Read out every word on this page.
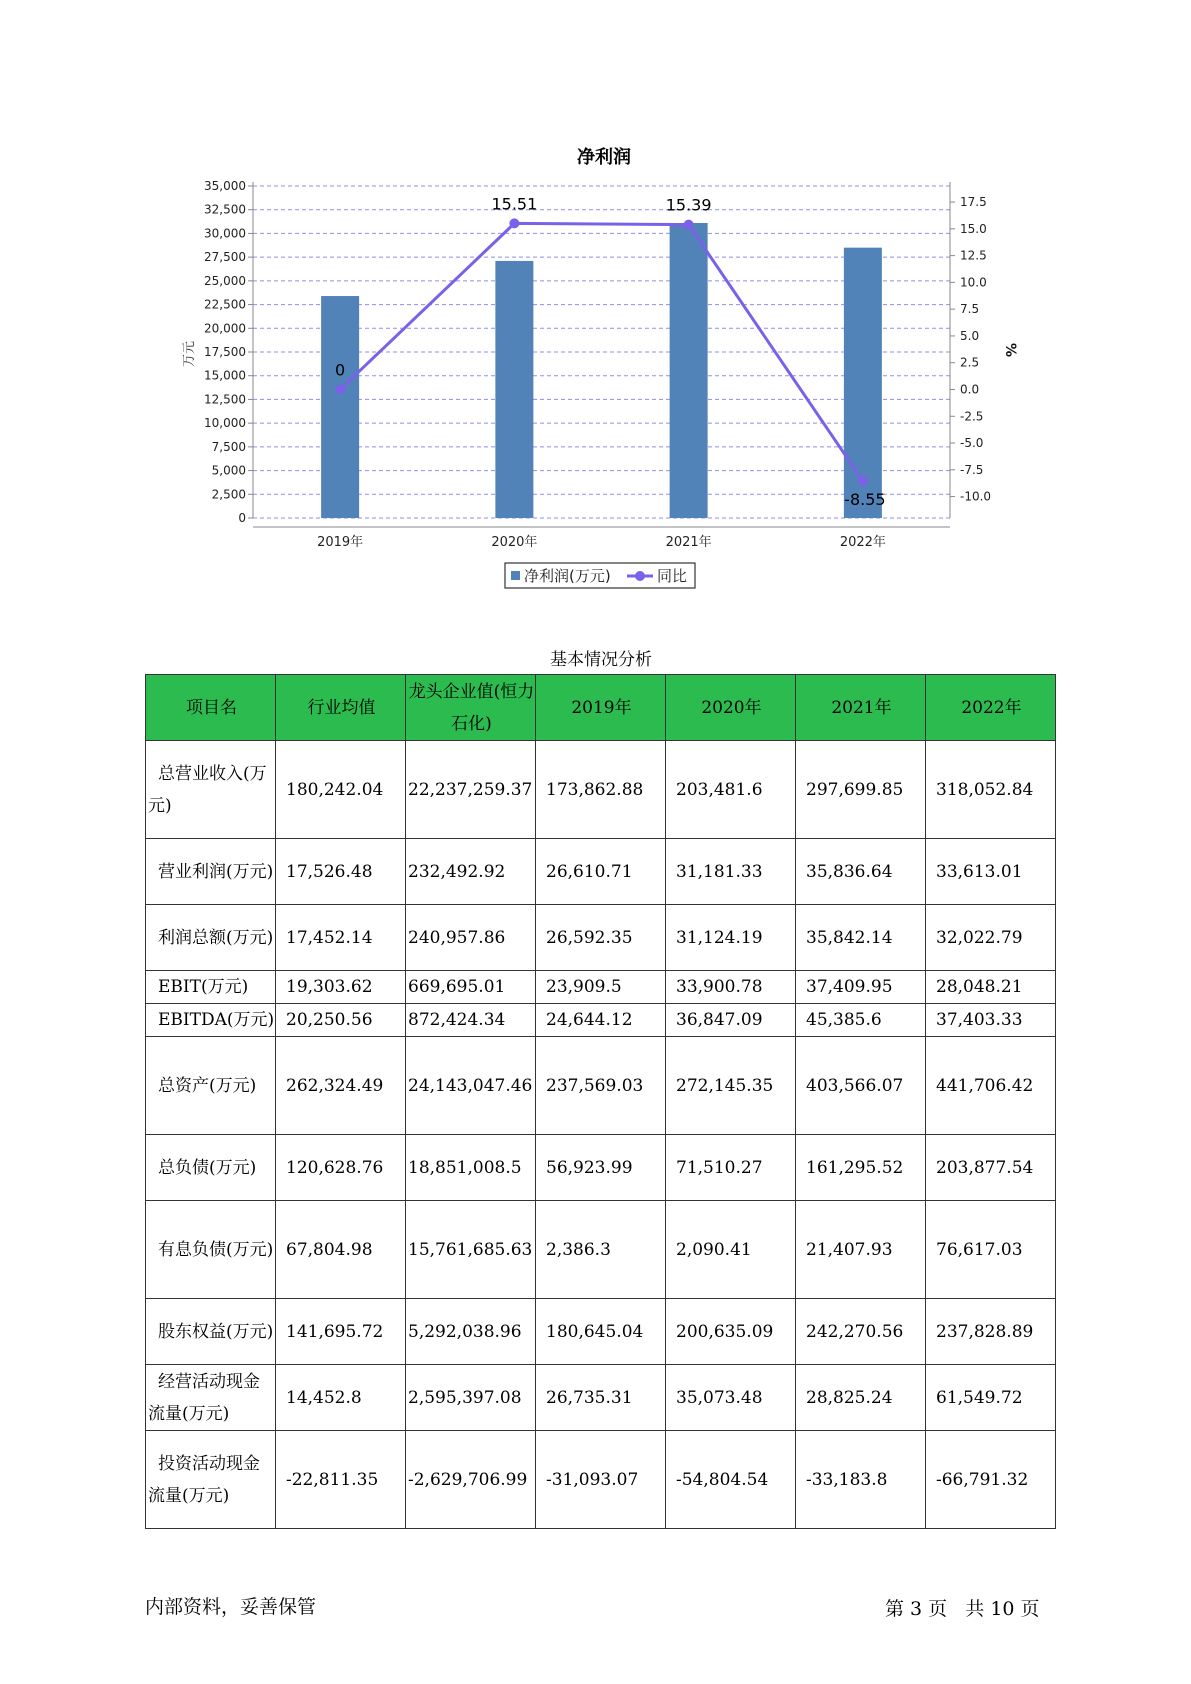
净利润
0
2,500
5,000
7,500
10,000
12,500
15,000
17,500
20,000
22,500
25,000
27,500
30,000
32,500
35,000
-10.0
-7.5
-5.0
-2.5
0.0
2.5
5.0
7.5
10.0
12.5
15.0
17.5
万元	%
2019年	2020年	2021年	2022年
0
15.51	15.39
-8.55
净利润(万元)	同比
基本情况分析
项目名	行业均值	龙头企业值(恒力石化)	2019年	2020年	2021年	2022年
总营业收入(万元)	180,242.04	22,237,259.37	173,862.88	203,481.6	297,699.85	318,052.84
营业利润(万元)	17,526.48	232,492.92	26,610.71	31,181.33	35,836.64	33,613.01
利润总额(万元)	17,452.14	240,957.86	26,592.35	31,124.19	35,842.14	32,022.79
EBIT(万元)	19,303.62	669,695.01	23,909.5	33,900.78	37,409.95	28,048.21
EBITDA(万元)	20,250.56	872,424.34	24,644.12	36,847.09	45,385.6	37,403.33
总资产(万元)	262,324.49	24,143,047.46	237,569.03	272,145.35	403,566.07	441,706.42
总负债(万元)	120,628.76	18,851,008.5	56,923.99	71,510.27	161,295.52	203,877.54
有息负债(万元)	67,804.98	15,761,685.63	2,386.3	2,090.41	21,407.93	76,617.03
股东权益(万元)	141,695.72	5,292,038.96	180,645.04	200,635.09	242,270.56	237,828.89
经营活动现金流量(万元)	14,452.8	2,595,397.08	26,735.31	35,073.48	28,825.24	61,549.72
投资活动现金流量(万元)	-22,811.35	-2,629,706.99	-31,093.07	-54,804.54	-33,183.8	-66,791.32
内部资料，妥善保管	第 3 页   共 10 页
